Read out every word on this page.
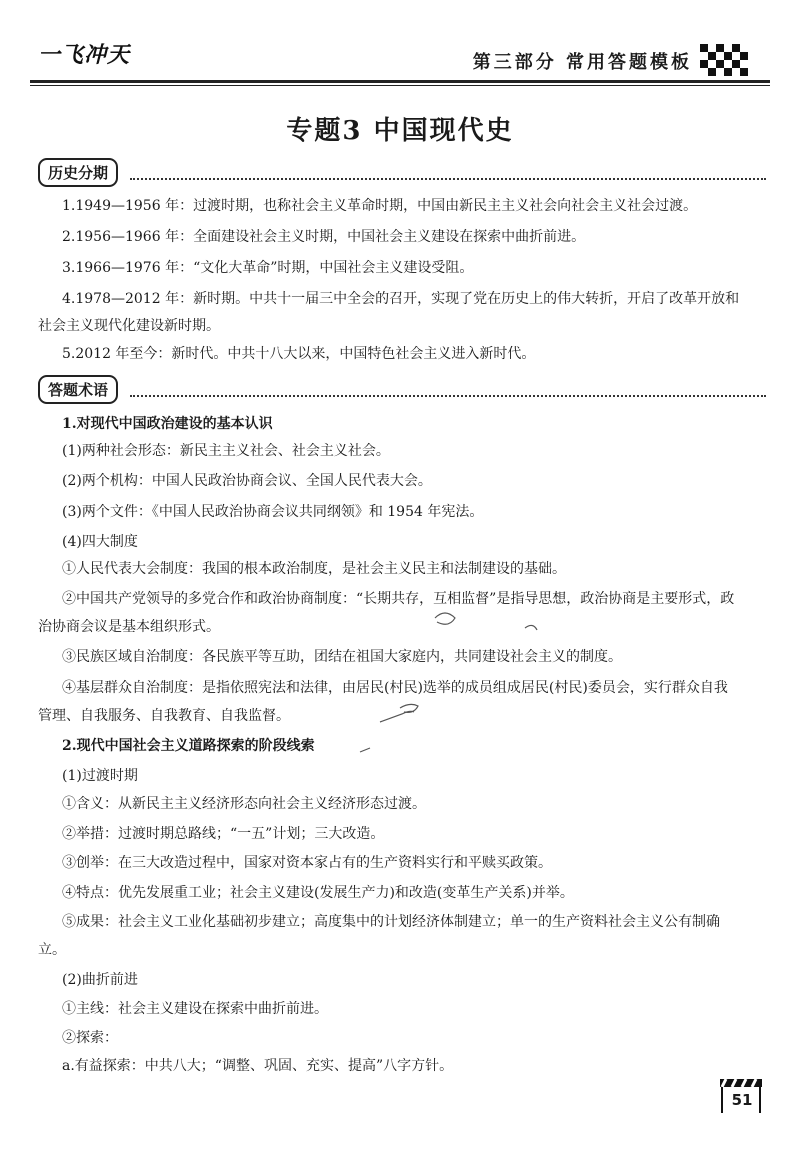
一飞冲天	第三部分 常用答题模板
专题3 中国现代史
历史分期
1.1949—1956 年：过渡时期，也称社会主义革命时期，中国由新民主主义社会向社会主义社会过渡。
2.1956—1966 年：全面建设社会主义时期，中国社会主义建设在探索中曲折前进。
3.1966—1976 年：“文化大革命”时期，中国社会主义建设受阻。
4.1978—2012 年：新时期。中共十一届三中全会的召开，实现了党在历史上的伟大转折，开启了改革开放和
社会主义现代化建设新时期。
5.2012 年至今：新时代。中共十八大以来，中国特色社会主义进入新时代。
答题术语
1.对现代中国政治建设的基本认识
(1)两种社会形态：新民主主义社会、社会主义社会。
(2)两个机构：中国人民政治协商会议、全国人民代表大会。
(3)两个文件：《中国人民政治协商会议共同纲领》和 1954 年宪法。
(4)四大制度
①人民代表大会制度：我国的根本政治制度，是社会主义民主和法制建设的基础。
②中国共产党领导的多党合作和政治协商制度：“长期共存，互相监督”是指导思想，政治协商是主要形式，政
治协商会议是基本组织形式。
③民族区域自治制度：各民族平等互助，团结在祖国大家庭内，共同建设社会主义的制度。
④基层群众自治制度：是指依照宪法和法律，由居民(村民)选举的成员组成居民(村民)委员会，实行群众自我
管理、自我服务、自我教育、自我监督。
2.现代中国社会主义道路探索的阶段线索
(1)过渡时期
①含义：从新民主主义经济形态向社会主义经济形态过渡。
②举措：过渡时期总路线；“一五”计划；三大改造。
③创举：在三大改造过程中，国家对资本家占有的生产资料实行和平赎买政策。
④特点：优先发展重工业；社会主义建设(发展生产力)和改造(变革生产关系)并举。
⑤成果：社会主义工业化基础初步建立；高度集中的计划经济体制建立；单一的生产资料社会主义公有制确
立。
(2)曲折前进
①主线：社会主义建设在探索中曲折前进。
②探索：
a.有益探索：中共八大；“调整、巩固、充实、提高”八字方针。
51
